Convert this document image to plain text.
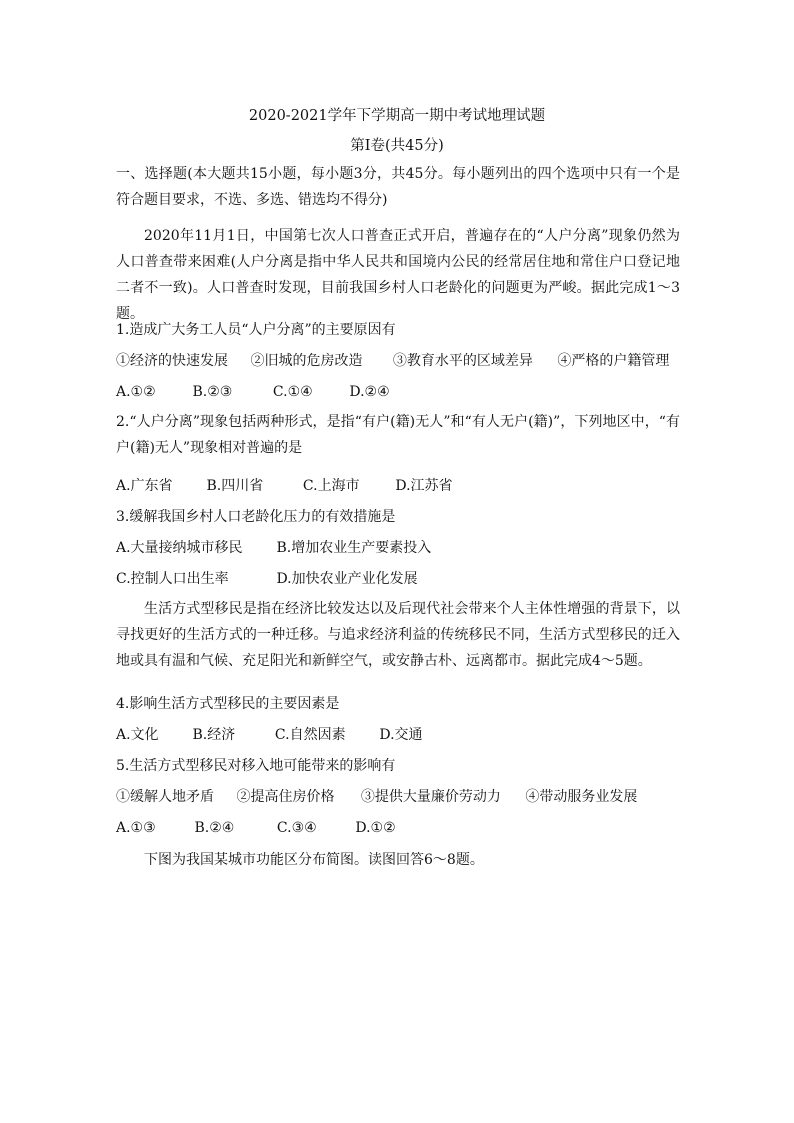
2020-2021学年下学期高一期中考试地理试题
第I卷(共45分)
一、选择题(本大题共15小题，每小题3分，共45分。每小题列出的四个选项中只有一个是符合题目要求，不选、多选、错选均不得分)
2020年11月1日，中国第七次人口普查正式开启，普遍存在的“人户分离”现象仍然为人口普查带来困难(人户分离是指中华人民共和国境内公民的经常居住地和常住户口登记地二者不一致)。人口普查时发现，目前我国乡村人口老龄化的问题更为严峻。据此完成1～3题。
1.造成广大务工人员“人户分离”的主要原因有
①经济的快速发展 ②旧城的危房改造 ③教育水平的区域差异 ④严格的户籍管理
A.①②	B.②③	C.①④	D.②④
2.“人户分离”现象包括两种形式，是指“有户(籍)无人”和“有人无户(籍)”，下列地区中，“有户(籍)无人”现象相对普遍的是
A.广东省 B.四川省	C.上海市	D.江苏省
3.缓解我国乡村人口老龄化压力的有效措施是
A.大量接纳城市移民 B.增加农业生产要素投入
C.控制人口出生率	D.加快农业产业化发展
生活方式型移民是指在经济比较发达以及后现代社会带来个人主体性增强的背景下，以寻找更好的生活方式的一种迁移。与追求经济利益的传统移民不同，生活方式型移民的迁入地或具有温和气候、充足阳光和新鲜空气，或安静古朴、远离都市。据此完成4～5题。
4.影响生活方式型移民的主要因素是
A.文化 B.经济	C.自然因素 D.交通
5.生活方式型移民对移入地可能带来的影响有
①缓解人地矛盾 ②提高住房价格 ③提供大量廉价劳动力 ④带动服务业发展
A.①③	B.②④	C.③④	D.①②
下图为我国某城市功能区分布简图。读图回答6～8题。
